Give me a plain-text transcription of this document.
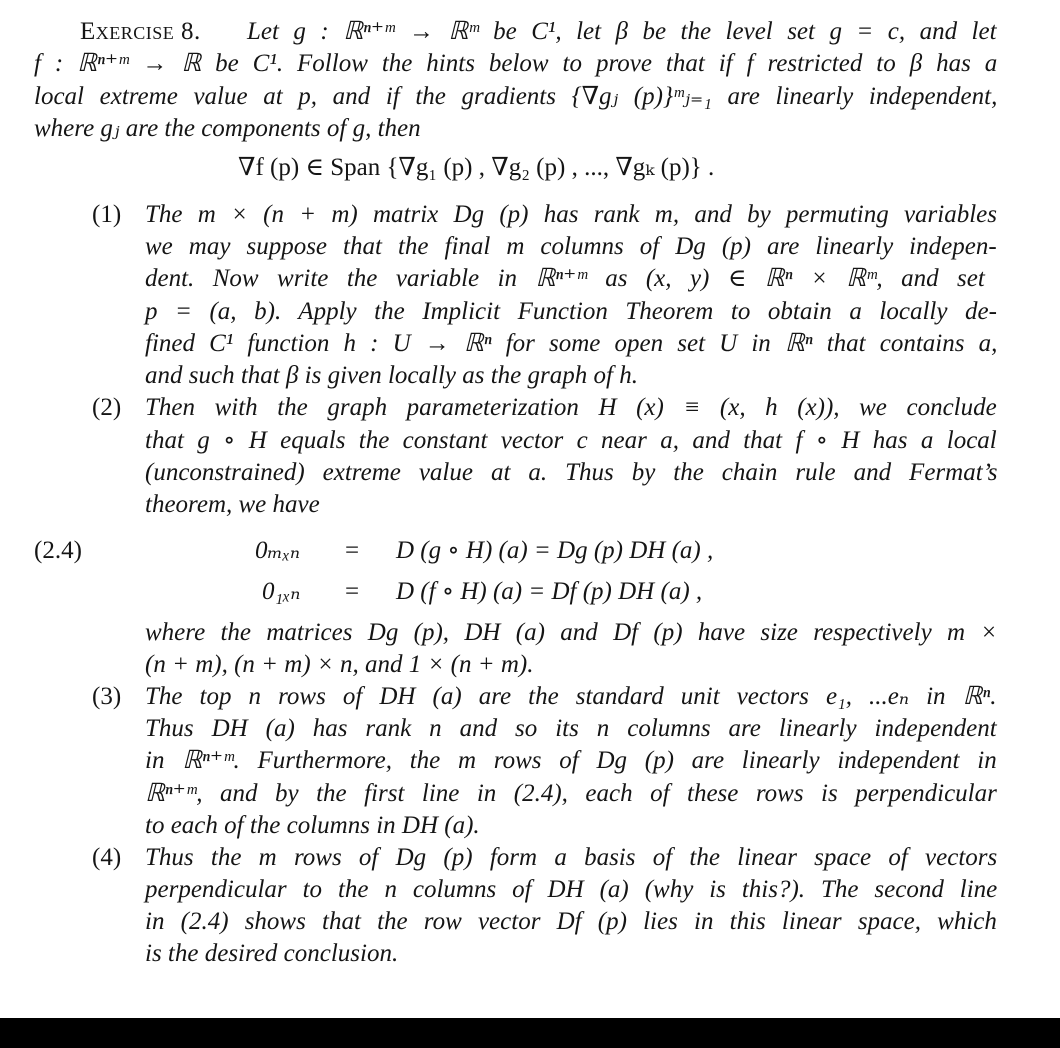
Exercise 8. Let g : ℝⁿ⁺ᵐ → ℝᵐ be C¹, let β be the level set g = c, and let
f : ℝⁿ⁺ᵐ → ℝ be C¹. Follow the hints below to prove that if f restricted to β has a
local extreme value at p, and if the gradients {∇gⱼ (p)}ᵐⱼ₌₁ are linearly independent,
where gⱼ are the components of g, then
∇f (p) ∈ Span {∇g₁ (p) , ∇g₂ (p) , ..., ∇gₖ (p)} .
(1) The m × (n + m) matrix Dg (p) has rank m, and by permuting variables
we may suppose that the final m columns of Dg (p) are linearly indepen-
dent. Now write the variable in ℝⁿ⁺ᵐ as (x, y) ∈ ℝⁿ × ℝᵐ, and set
p = (a, b). Apply the Implicit Function Theorem to obtain a locally de-
fined C¹ function h : U → ℝⁿ for some open set U in ℝⁿ that contains a,
and such that β is given locally as the graph of h.
(2) Then with the graph parameterization H (x) ≡ (x, h (x)), we conclude
that g ∘ H equals the constant vector c near a, and that f ∘ H has a local
(unconstrained) extreme value at a. Thus by the chain rule and Fermat’s
theorem, we have
(2.4)	0ₘₓₙ = D (g ∘ H) (a) = Dg (p) DH (a) ,
0₁ₓₙ = D (f ∘ H) (a) = Df (p) DH (a) ,
where the matrices Dg (p), DH (a) and Df (p) have size respectively m ×
(n + m), (n + m) × n, and 1 × (n + m).
(3) The top n rows of DH (a) are the standard unit vectors e₁, ...eₙ in ℝⁿ.
Thus DH (a) has rank n and so its n columns are linearly independent
in ℝⁿ⁺ᵐ. Furthermore, the m rows of Dg (p) are linearly independent in
ℝⁿ⁺ᵐ, and by the first line in (2.4), each of these rows is perpendicular
to each of the columns in DH (a).
(4) Thus the m rows of Dg (p) form a basis of the linear space of vectors
perpendicular to the n columns of DH (a) (why is this?). The second line
in (2.4) shows that the row vector Df (p) lies in this linear space, which
is the desired conclusion.
